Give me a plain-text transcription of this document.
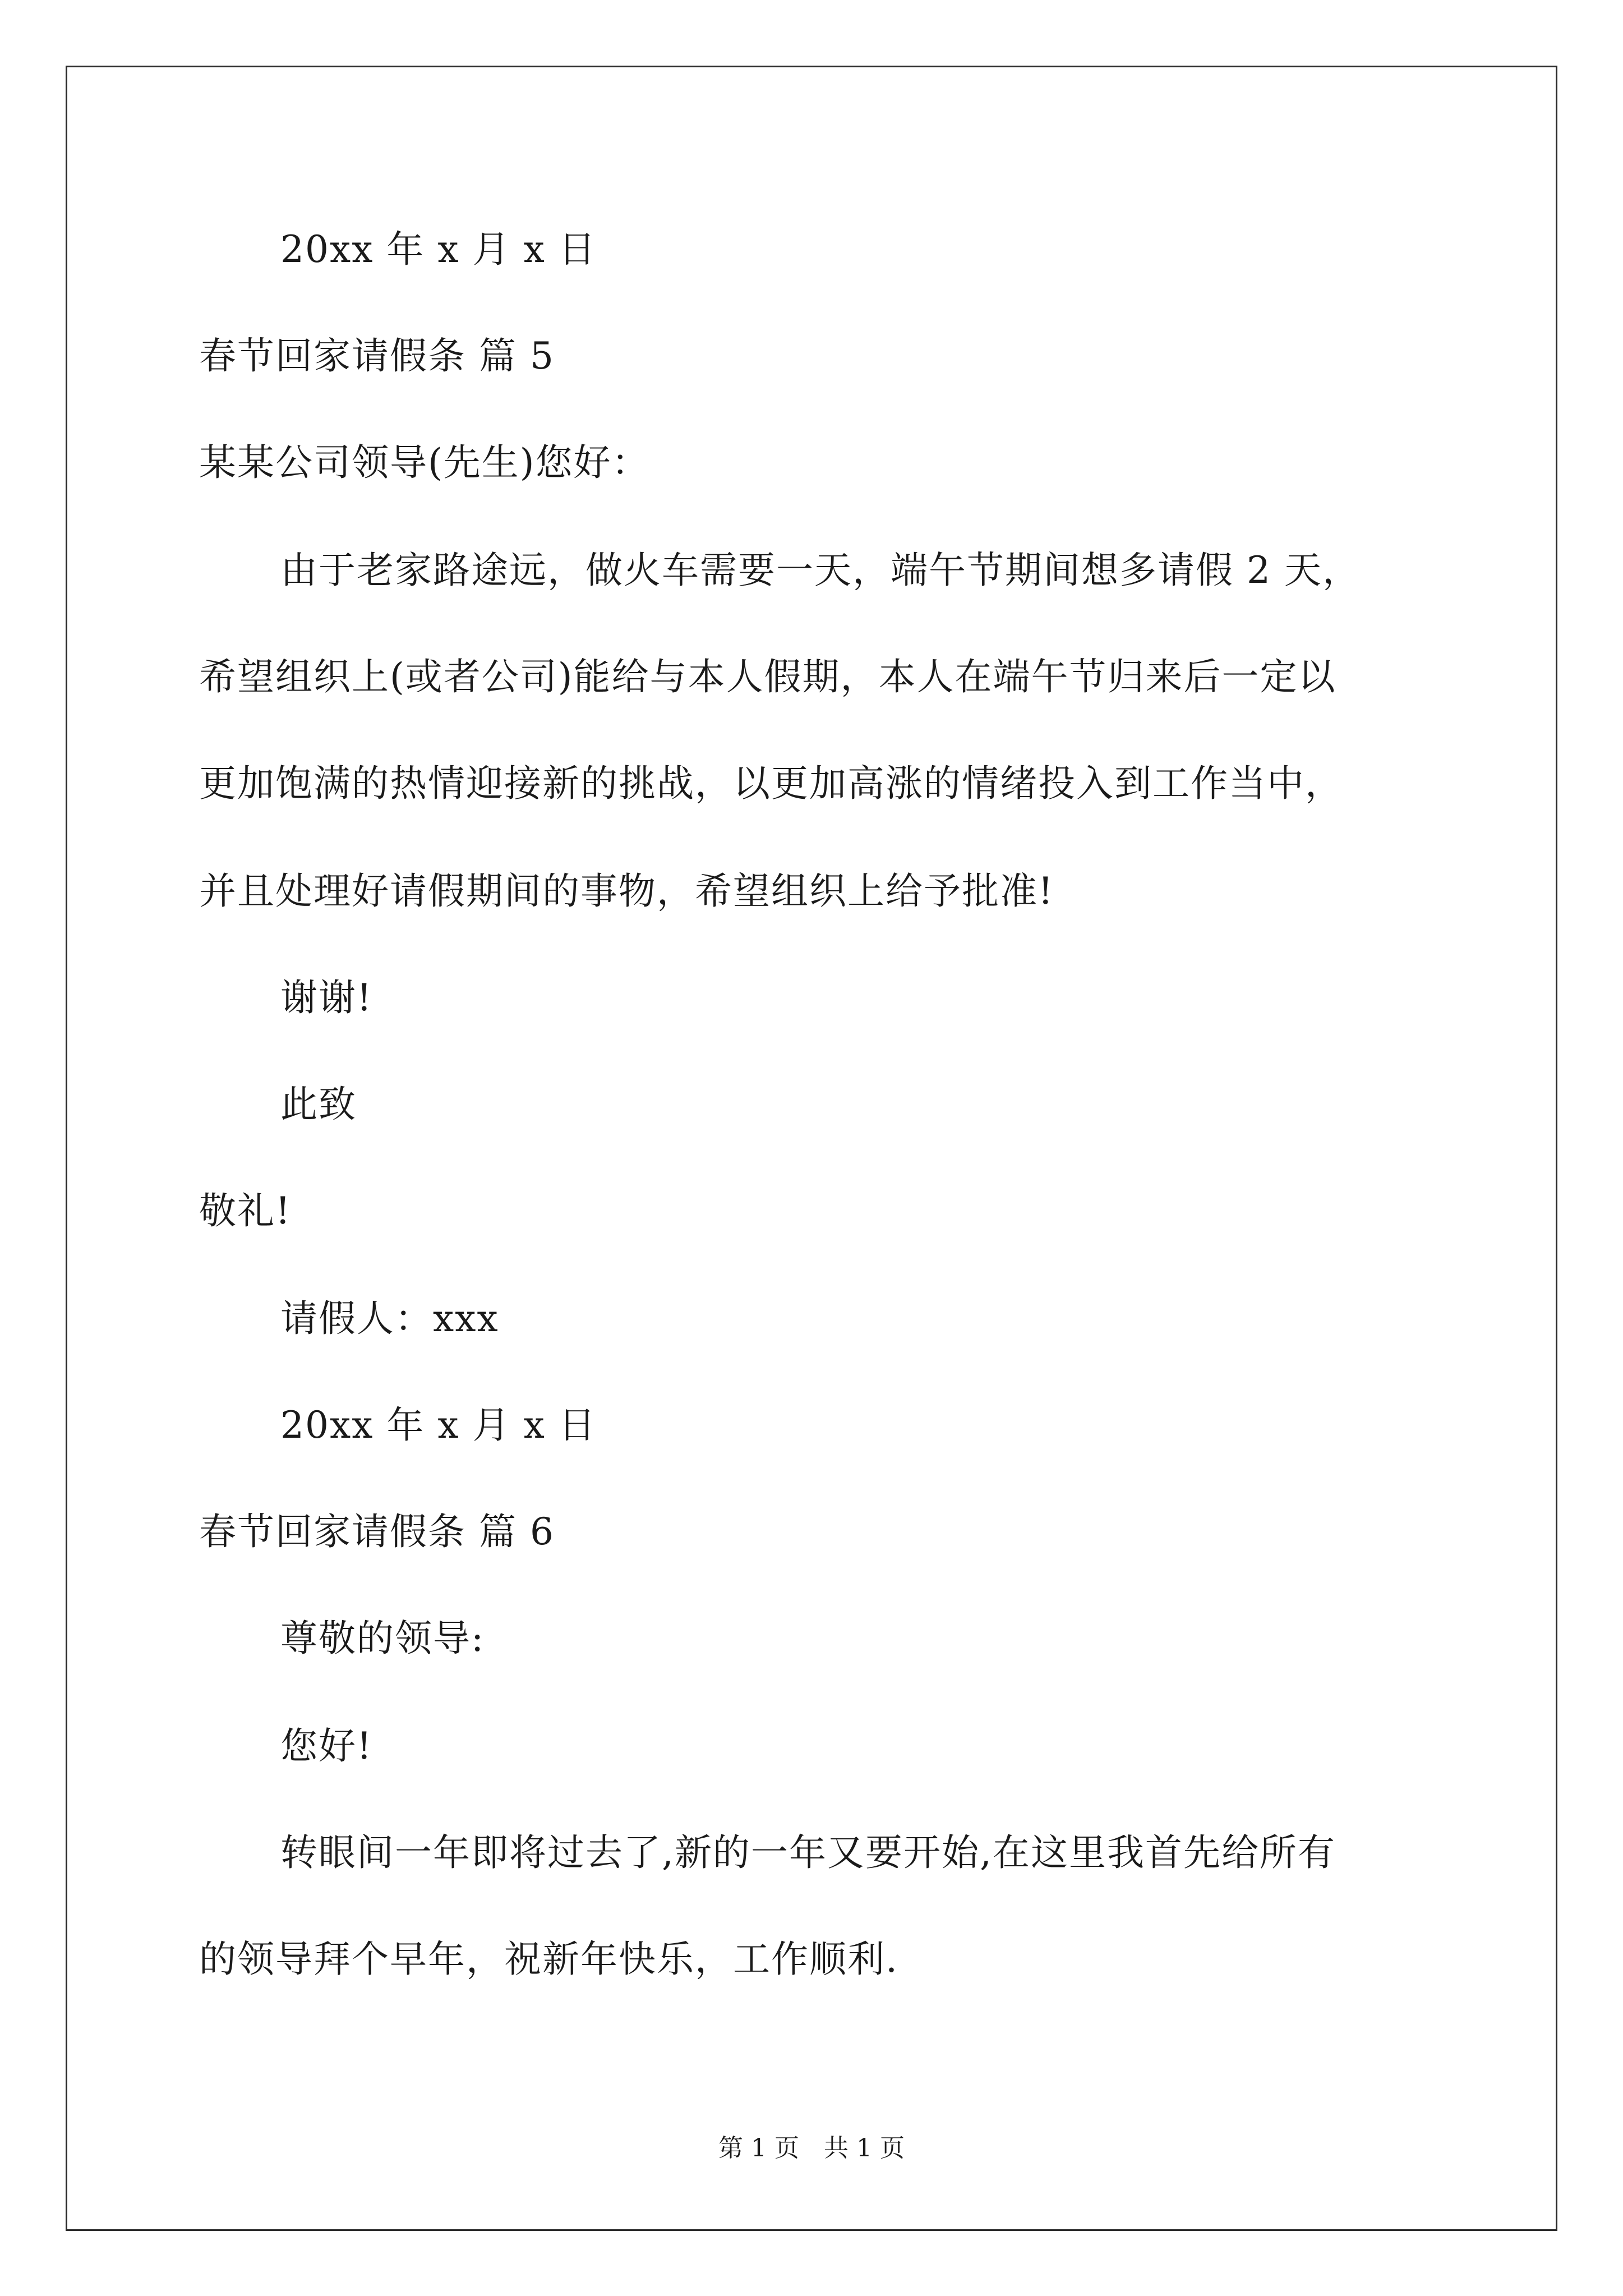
20xx 年 x 月 x 日
春节回家请假条 篇 5
某某公司领导(先生)您好：
由于老家路途远，做火车需要一天，端午节期间想多请假 2 天，
希望组织上(或者公司)能给与本人假期，本人在端午节归来后一定以
更加饱满的热情迎接新的挑战，以更加高涨的情绪投入到工作当中，
并且处理好请假期间的事物，希望组织上给予批准!
谢谢!
此致
敬礼!
请假人：xxx
20xx 年 x 月 x 日
春节回家请假条 篇 6
尊敬的领导:
您好!
转眼间一年即将过去了,新的一年又要开始,在这里我首先给所有
的领导拜个早年，祝新年快乐，工作顺利.
第 1 页　共 1 页
